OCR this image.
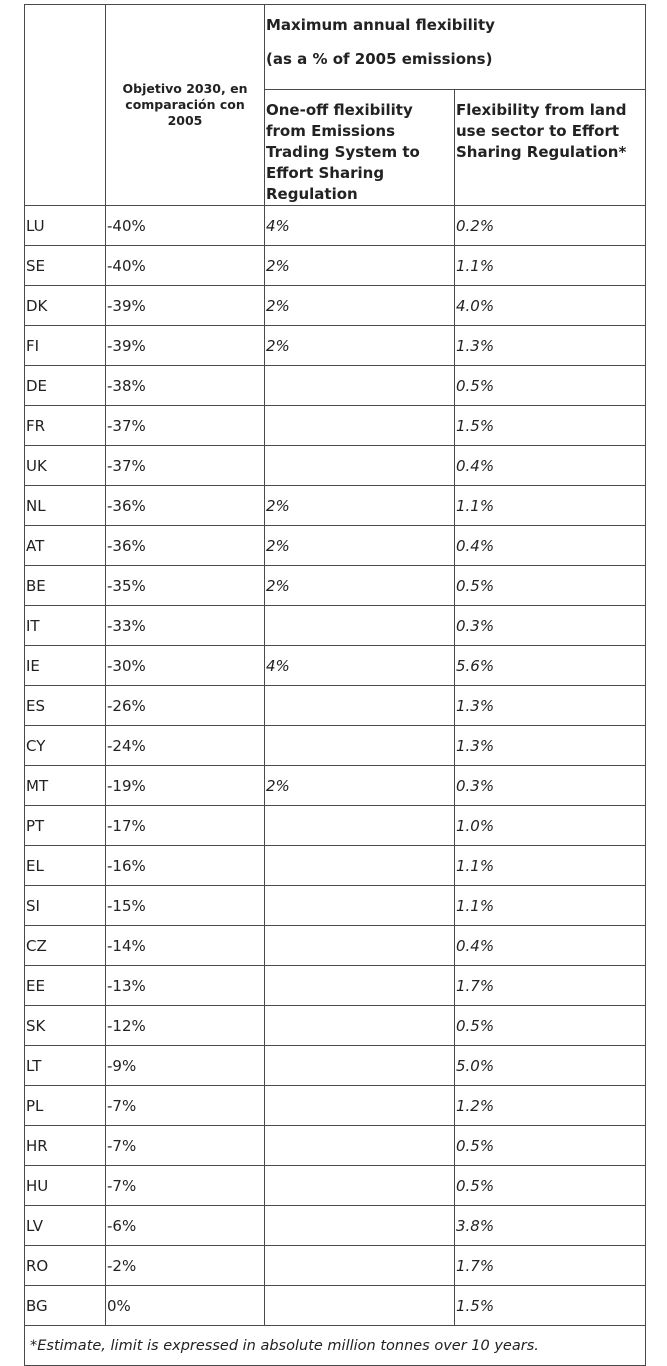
	Objetivo 2030, en comparación con 2005	Maximum annual flexibility
(as a % of 2005 emissions)	

		One-off flexibility from Emissions Trading System to Effort Sharing Regulation	Flexibility from land use sector to Effort Sharing Regulation*
LU	-40%	4%	0.2%
SE	-40%	2%	1.1%
DK	-39%	2%	4.0%
FI	-39%	2%	1.3%
DE	-38%		0.5%
FR	-37%		1.5%
UK	-37%		0.4%
NL	-36%	2%	1.1%
AT	-36%	2%	0.4%
BE	-35%	2%	0.5%
IT	-33%		0.3%
IE	-30%	4%	5.6%
ES	-26%		1.3%
CY	-24%		1.3%
MT	-19%	2%	0.3%
PT	-17%		1.0%
EL	-16%		1.1%
SI	-15%		1.1%
CZ	-14%		0.4%
EE	-13%		1.7%
SK	-12%		0.5%
LT	-9%		5.0%
PL	-7%		1.2%
HR	-7%		0.5%
HU	-7%		0.5%
LV	-6%		3.8%
RO	-2%		1.7%
BG	0%		1.5%
*Estimate, limit is expressed in absolute million tonnes over 10 years.			
